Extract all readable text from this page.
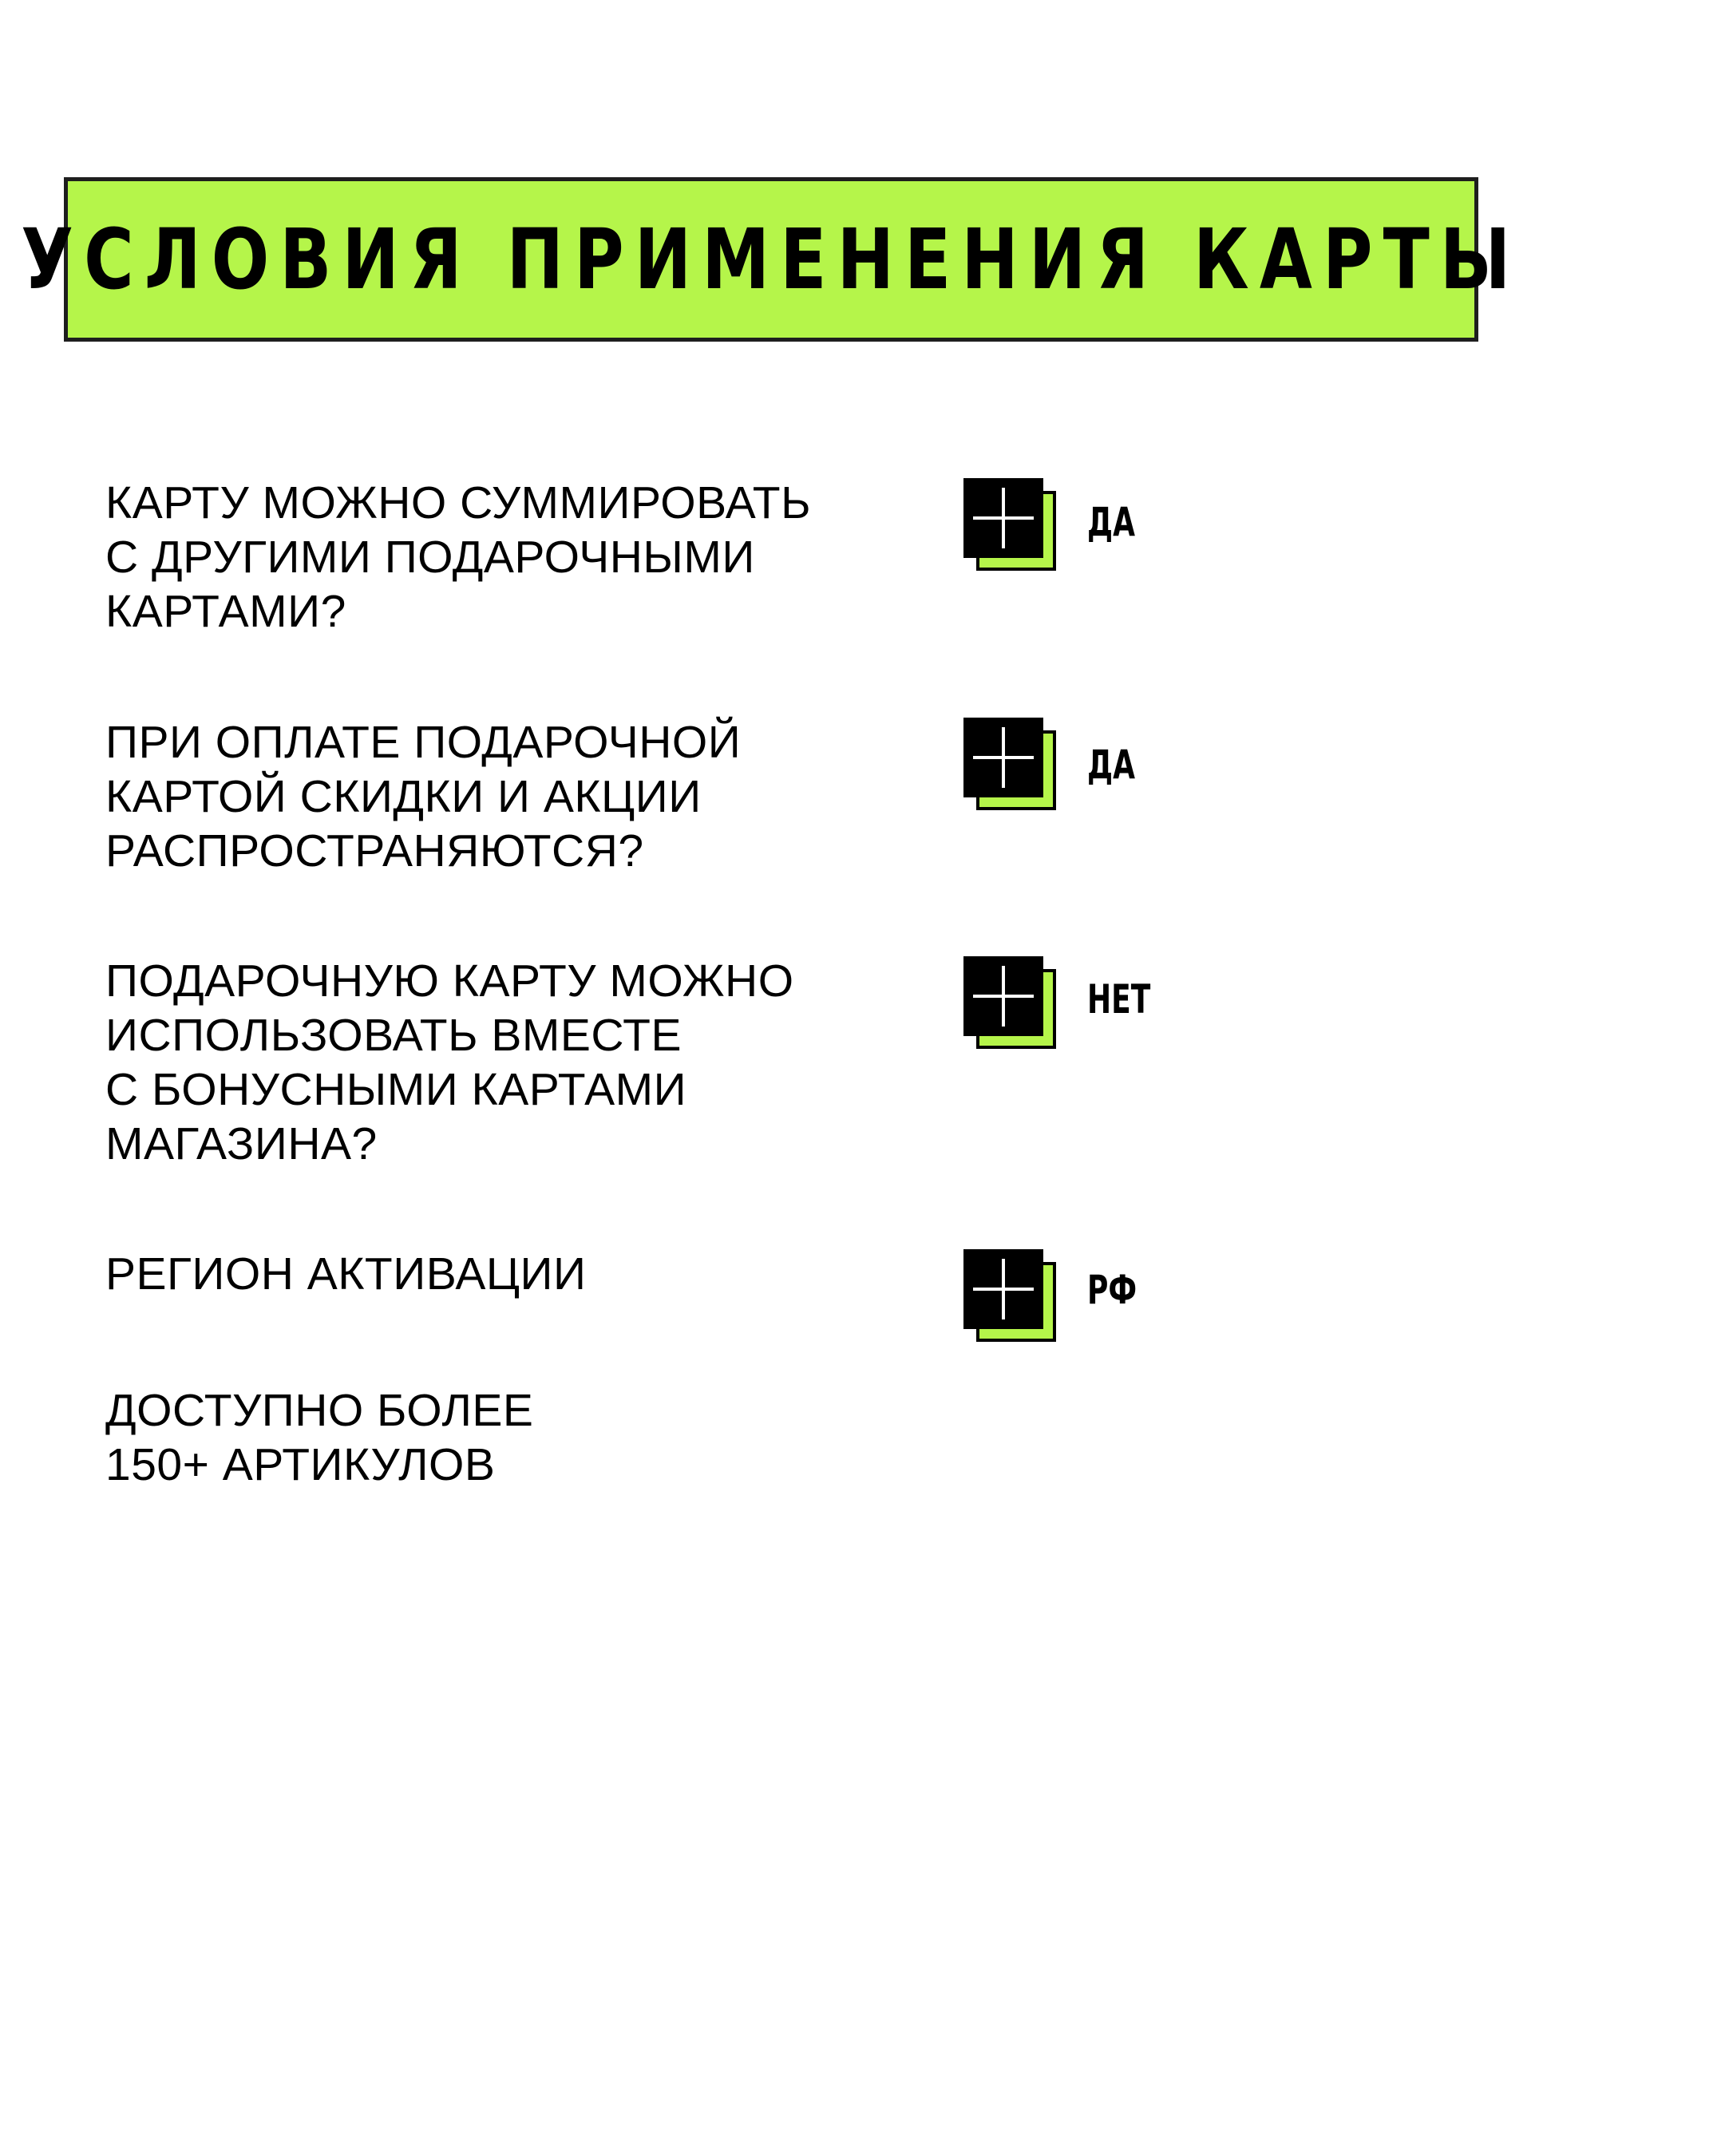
УСЛОВИЯ ПРИМЕНЕНИЯ КАРТЫ
КАРТУ МОЖНО СУММИРОВАТЬ
С ДРУГИМИ ПОДАРОЧНЫМИ
КАРТАМИ?
ДА
ПРИ ОПЛАТЕ ПОДАРОЧНОЙ
КАРТОЙ СКИДКИ И АКЦИИ
РАСПРОСТРАНЯЮТСЯ?
ДА
ПОДАРОЧНУЮ КАРТУ МОЖНО
ИСПОЛЬЗОВАТЬ ВМЕСТЕ
С БОНУСНЫМИ КАРТАМИ
МАГАЗИНА?
НЕТ
РЕГИОН АКТИВАЦИИ	РФ
ДОСТУПНО БОЛЕЕ
150+ АРТИКУЛОВ
